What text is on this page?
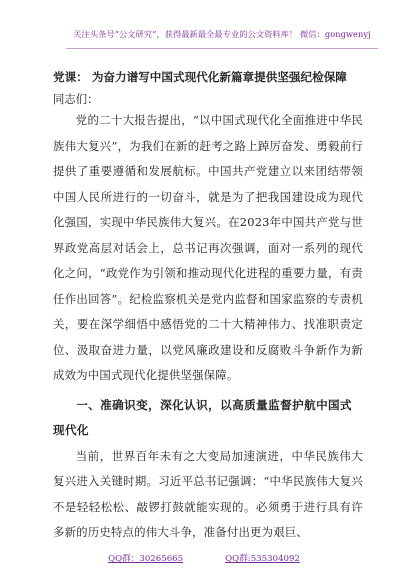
关注头条号“公文研究”，获得最新最全最专业的公文资料库！ 微信：gongwenyj
党课： 为奋力谱写中国式现代化新篇章提供坚强纪检保障
同志们：

党的二十大报告提出，“以中国式现代化全面推进中华民族伟大复兴”，为我们在新的赶考之路上踔厉奋发、勇毅前行提供了重要遵循和发展航标。中国共产党建立以来团结带领中国人民所进行的一切奋斗，就是为了把我国建设成为现代化强国，实现中华民族伟大复兴。在2023年中国共产党与世界政党高层对话会上，总书记再次强调，面对一系列的现代化之问，“政党作为引领和推动现代化进程的重要力量，有责任作出回答”。纪检监察机关是党内监督和国家监察的专责机关，要在深学细悟中感悟党的二十大精神伟力、找准职责定位、汲取奋进力量，以党风廉政建设和反腐败斗争新作为新成效为中国式现代化提供坚强保障。

一、准确识变，深化认识，以高质量监督护航中国式现代化

当前，世界百年未有之大变局加速演进，中华民族伟大复兴进入关键时期。习近平总书记强调：“中华民族伟大复兴不是轻轻松松、敲锣打鼓就能实现的。必须勇于进行具有许多新的历史特点的伟大斗争，准备付出更为艰巨、

QQ群：30265665	QQ群:535304092
